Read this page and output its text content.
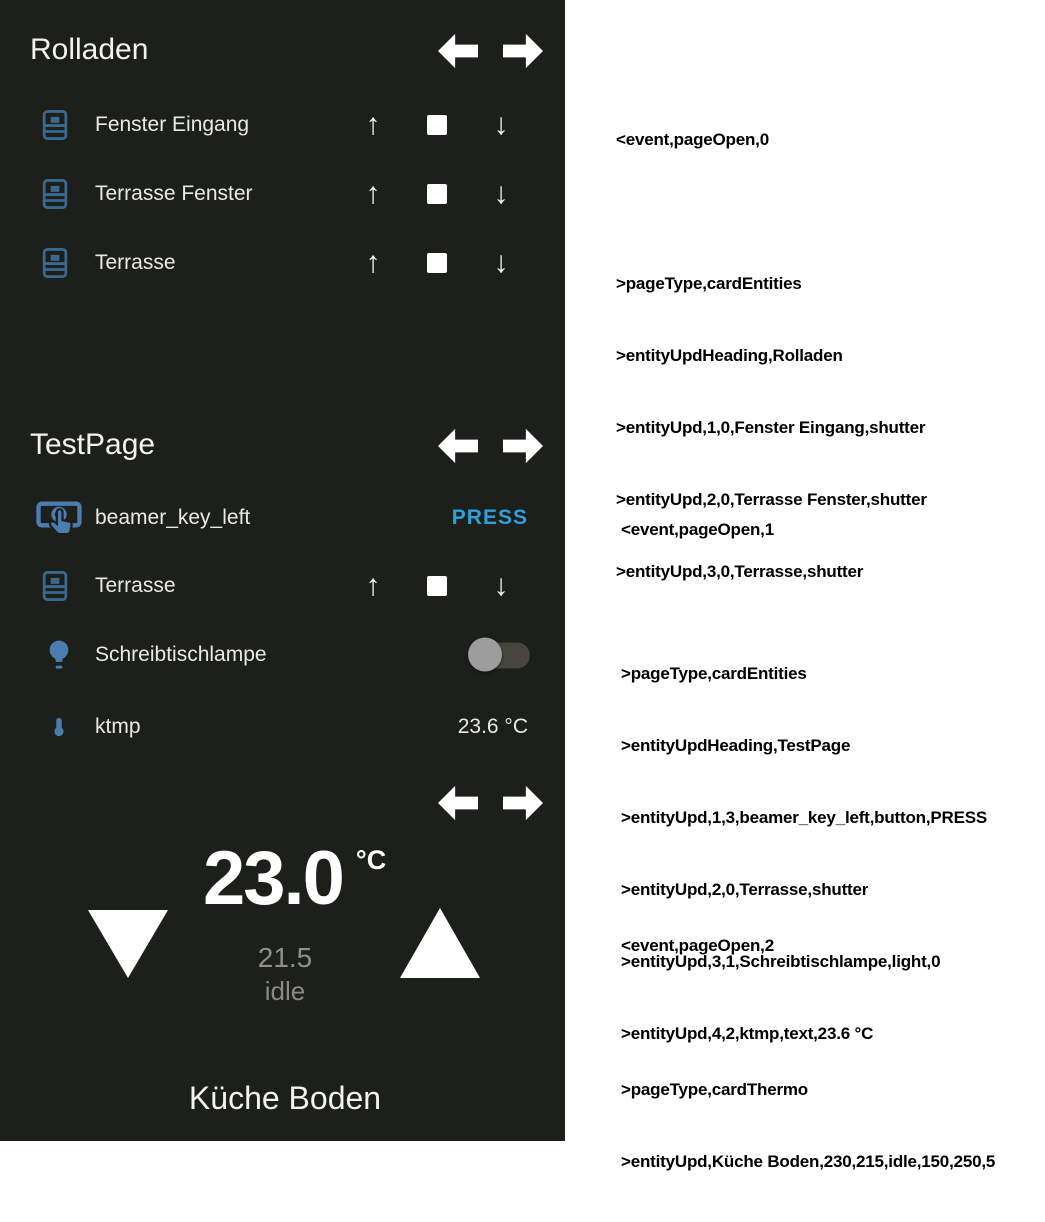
Rolladen
Fenster Eingang	↑	↓
Terrasse Fenster	↑	↓
Terrasse	↑	↓
TestPage
beamer_key_left	PRESS
Terrasse	↑	↓
Schreibtischlampe
ktmp	23.6 °C
23.0 °C
21.5
idle
Küche Boden

<event,pageOpen,0

>pageType,cardEntities

>entityUpdHeading,Rolladen

>entityUpd,1,0,Fenster Eingang,shutter

>entityUpd,2,0,Terrasse Fenster,shutter

>entityUpd,3,0,Terrasse,shutter

<event,pageOpen,1

>pageType,cardEntities

>entityUpdHeading,TestPage

>entityUpd,1,3,beamer_key_left,button,PRESS

>entityUpd,2,0,Terrasse,shutter

>entityUpd,3,1,Schreibtischlampe,light,0

>entityUpd,4,2,ktmp,text,23.6 °C

<event,pageOpen,2

>pageType,cardThermo

>entityUpd,Küche Boden,230,215,idle,150,250,5
